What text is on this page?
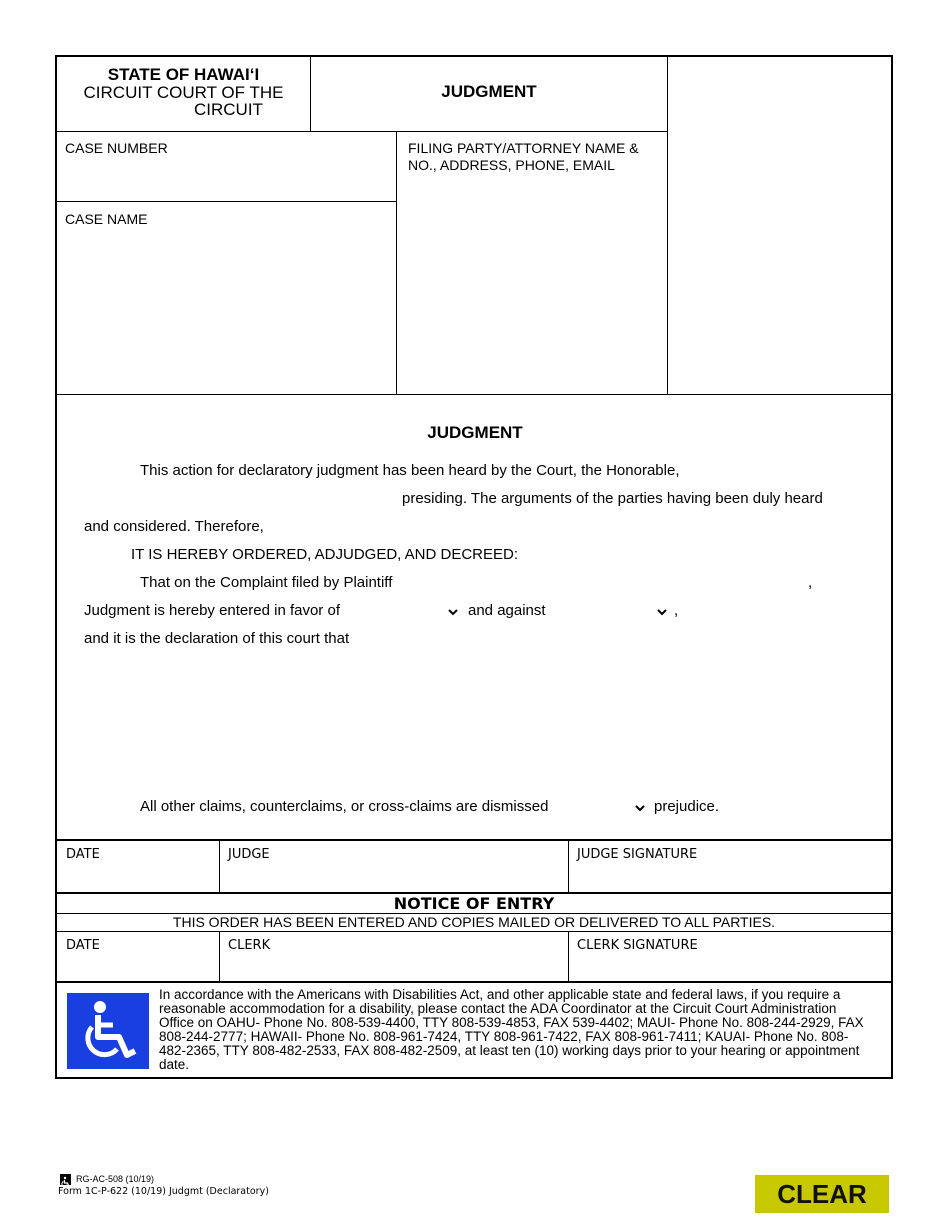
STATE OF HAWAI‘I
CIRCUIT COURT OF THE
CIRCUIT
JUDGMENT
CASE NUMBER	FILING PARTY/ATTORNEY NAME & NO., ADDRESS, PHONE, EMAIL
CASE NAME
JUDGMENT
This action for declaratory judgment has been heard by the Court, the Honorable,
presiding. The arguments of the parties having been duly heard
and considered. Therefore,
IT IS HEREBY ORDERED, ADJUDGED, AND DECREED:
That on the Complaint filed by Plaintiff	,
Judgment is hereby entered in favor of	and against	,
and it is the declaration of this court that
All other claims, counterclaims, or cross-claims are dismissed	prejudice.
DATE	JUDGE	JUDGE SIGNATURE
NOTICE OF ENTRY
THIS ORDER HAS BEEN ENTERED AND COPIES MAILED OR DELIVERED TO ALL PARTIES.
DATE	CLERK	CLERK SIGNATURE
In accordance with the Americans with Disabilities Act, and other applicable state and federal laws, if you require a reasonable accommodation for a disability, please contact the ADA Coordinator at the Circuit Court Administration Office on OAHU- Phone No. 808-539-4400, TTY 808-539-4853, FAX 539-4402; MAUI- Phone No. 808-244-2929, FAX 808-244-2777; HAWAII- Phone No. 808-961-7424, TTY 808-961-7422, FAX 808-961-7411; KAUAI- Phone No. 808-482-2365, TTY 808-482-2533, FAX 808-482-2509, at least ten (10) working days prior to your hearing or appointment date.
RG-AC-508 (10/19)
Form 1C-P-622 (10/19) Judgmt (Declaratory)	CLEAR
